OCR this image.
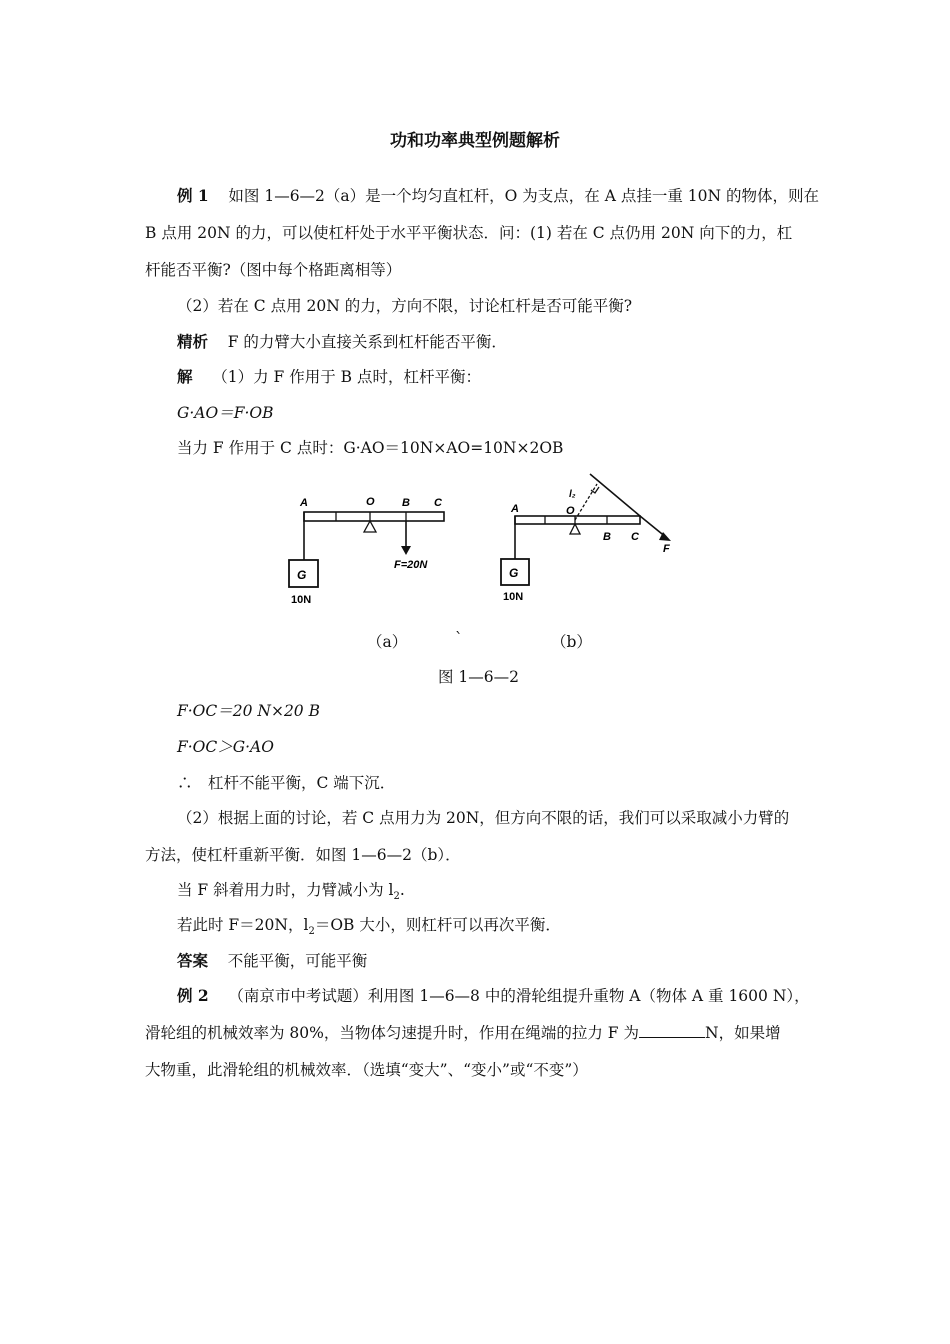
功和功率典型例题解析
例 1 如图 1—6—2（a）是一个均匀直杠杆，O 为支点，在 A 点挂一重 10N 的物体，则在
B 点用 20N 的力，可以使杠杆处于水平平衡状态．问：(1) 若在 C 点仍用 20N 向下的力，杠
杆能否平衡?（图中每个格距离相等）
（2）若在 C 点用 20N 的力，方向不限，讨论杠杆是否可能平衡?
精析 F 的力臂大小直接关系到杠杆能否平衡．
解 （1）力 F 作用于 B 点时，杠杆平衡：
G·AO＝F·OB
当力 F 作用于 C 点时：G·AO＝10N×AO=10N×2OB
G
10N
F=20N
A	O B C
G
10N
l₂
A	O
B C
F
（a）	`	（b）
图 1—6—2
F·OC＝20 N×20 B
F·OC＞G·AO
∴　杠杆不能平衡，C 端下沉．
（2）根据上面的讨论，若 C 点用力为 20N，但方向不限的话，我们可以采取减小力臂的
方法，使杠杆重新平衡．如图 1—6—2（b）．
当 F 斜着用力时，力臂减小为 $l_2$.
若此时 F＝20N，$l_2=OB$ 大小，则杠杆可以再次平衡．
答案 不能平衡，可能平衡
例 2 （南京市中考试题）利用图 1—6—8 中的滑轮组提升重物 A（物体 A 重 1600 N），
滑轮组的机械效率为 80%，当物体匀速提升时，作用在绳端的拉力 F 为	N，如果增
大物重，此滑轮组的机械效率．（选填“变大”、“变小”或“不变”）
